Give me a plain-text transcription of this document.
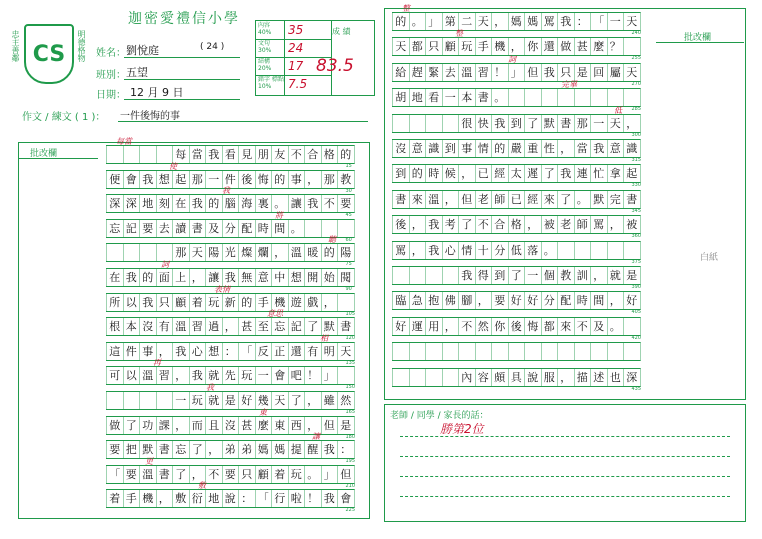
CS
忠主善鄰	明德格物
迦密愛禮信小學
姓名： 劉悅庭	( 24 )
班別： 五望
日期： 12 月 9 日
內容 40%	35
文句 30%	24
結構 20%	17
錯字 標點 10%	7.5
成 績
83.5
作文 / 練文 ( 1 )： 一件後悔的事
批改欄	每 當 我 看 見 朋 友 不 合 格 的
15
便 會 我 想 起 那 一 件 後 悔 的 事 ， 那 教
30
深 深 地 刻 在 我 的 腦 海 裏 。 讓 我 不 要
45
忘 記 要 去 讀 書 及 分 配 時 間 。
60
那 天 陽 光 燦 爛 ， 溫 暖 的 陽
75
在 我 的 面 上 ， 讓 我 無 意 中 想 開 始 閱
90
所 以 我 只 顧 着 玩 新 的 手 機 遊 戲 ，
105
根 本 沒 有 溫 習 過 ， 甚 至 忘 記 了 默 書
120
這 件 事 ， 我 心 想 ： 「 反 正 還 有 明 天
135
可 以 溫 習 ， 我 就 先 玩 一 會 吧 ！ 」
150
一 玩 就 是 好 幾 天 了 ， 雖 然
165
做 了 功 課 ， 而 且 沒 甚 麼 東 西 ， 但 是
180
要 把 默 書 忘 了 ， 弟 弟 媽 媽 提 醒 我 ：
195
「 要 溫 書 了 ， 不 要 只 顧 着 玩 。 」 但
210
着 手 機 ， 敷 衍 地 說 ： 「 行 啦 ！ 我 會
225
每當
使
我
將
聽
詞
表情
意思
相
再
我
東
讓
更
敷
批改欄
白紙
的 。 」 第 二 天 ， 媽 媽 罵 我 ： 「 一 天
240
天 都 只 顧 玩 手 機 ， 你 還 做 甚 麼 ？
255
給 趕 緊 去 溫 習 ！ 」 但 我 只 是 回 屬 天
270
胡 地 看 一 本 書 。
285
很 快 我 到 了 默 書 那 一 天 ，
300
沒 意 識 到 事 情 的 嚴 重 性 ， 當 我 意 識
315
到 的 時 候 ， 已 經 太 遲 了 我 連 忙 拿 起
330
書 來 溫 ， 但 老 師 已 經 來 了 。 默 完 書
345
後 ， 我 考 了 不 合 格 ， 被 老 師 罵 ， 被
360
罵 ， 我 心 情 十 分 低 落 。
375
我 得 到 了 一 個 教 訓 ， 就 是
390
臨 急 抱 佛 腳 ， 要 好 好 分 配 時 間 ， 好
405
好 運 用 ， 不 然 你 後 悔 都 來 不 及 。
420
內 容 頗 具 說 服 ， 描 述 也 深
435
整
整
詞
完畢
低
老師 / 同學 / 家長的話：
勝第2位
